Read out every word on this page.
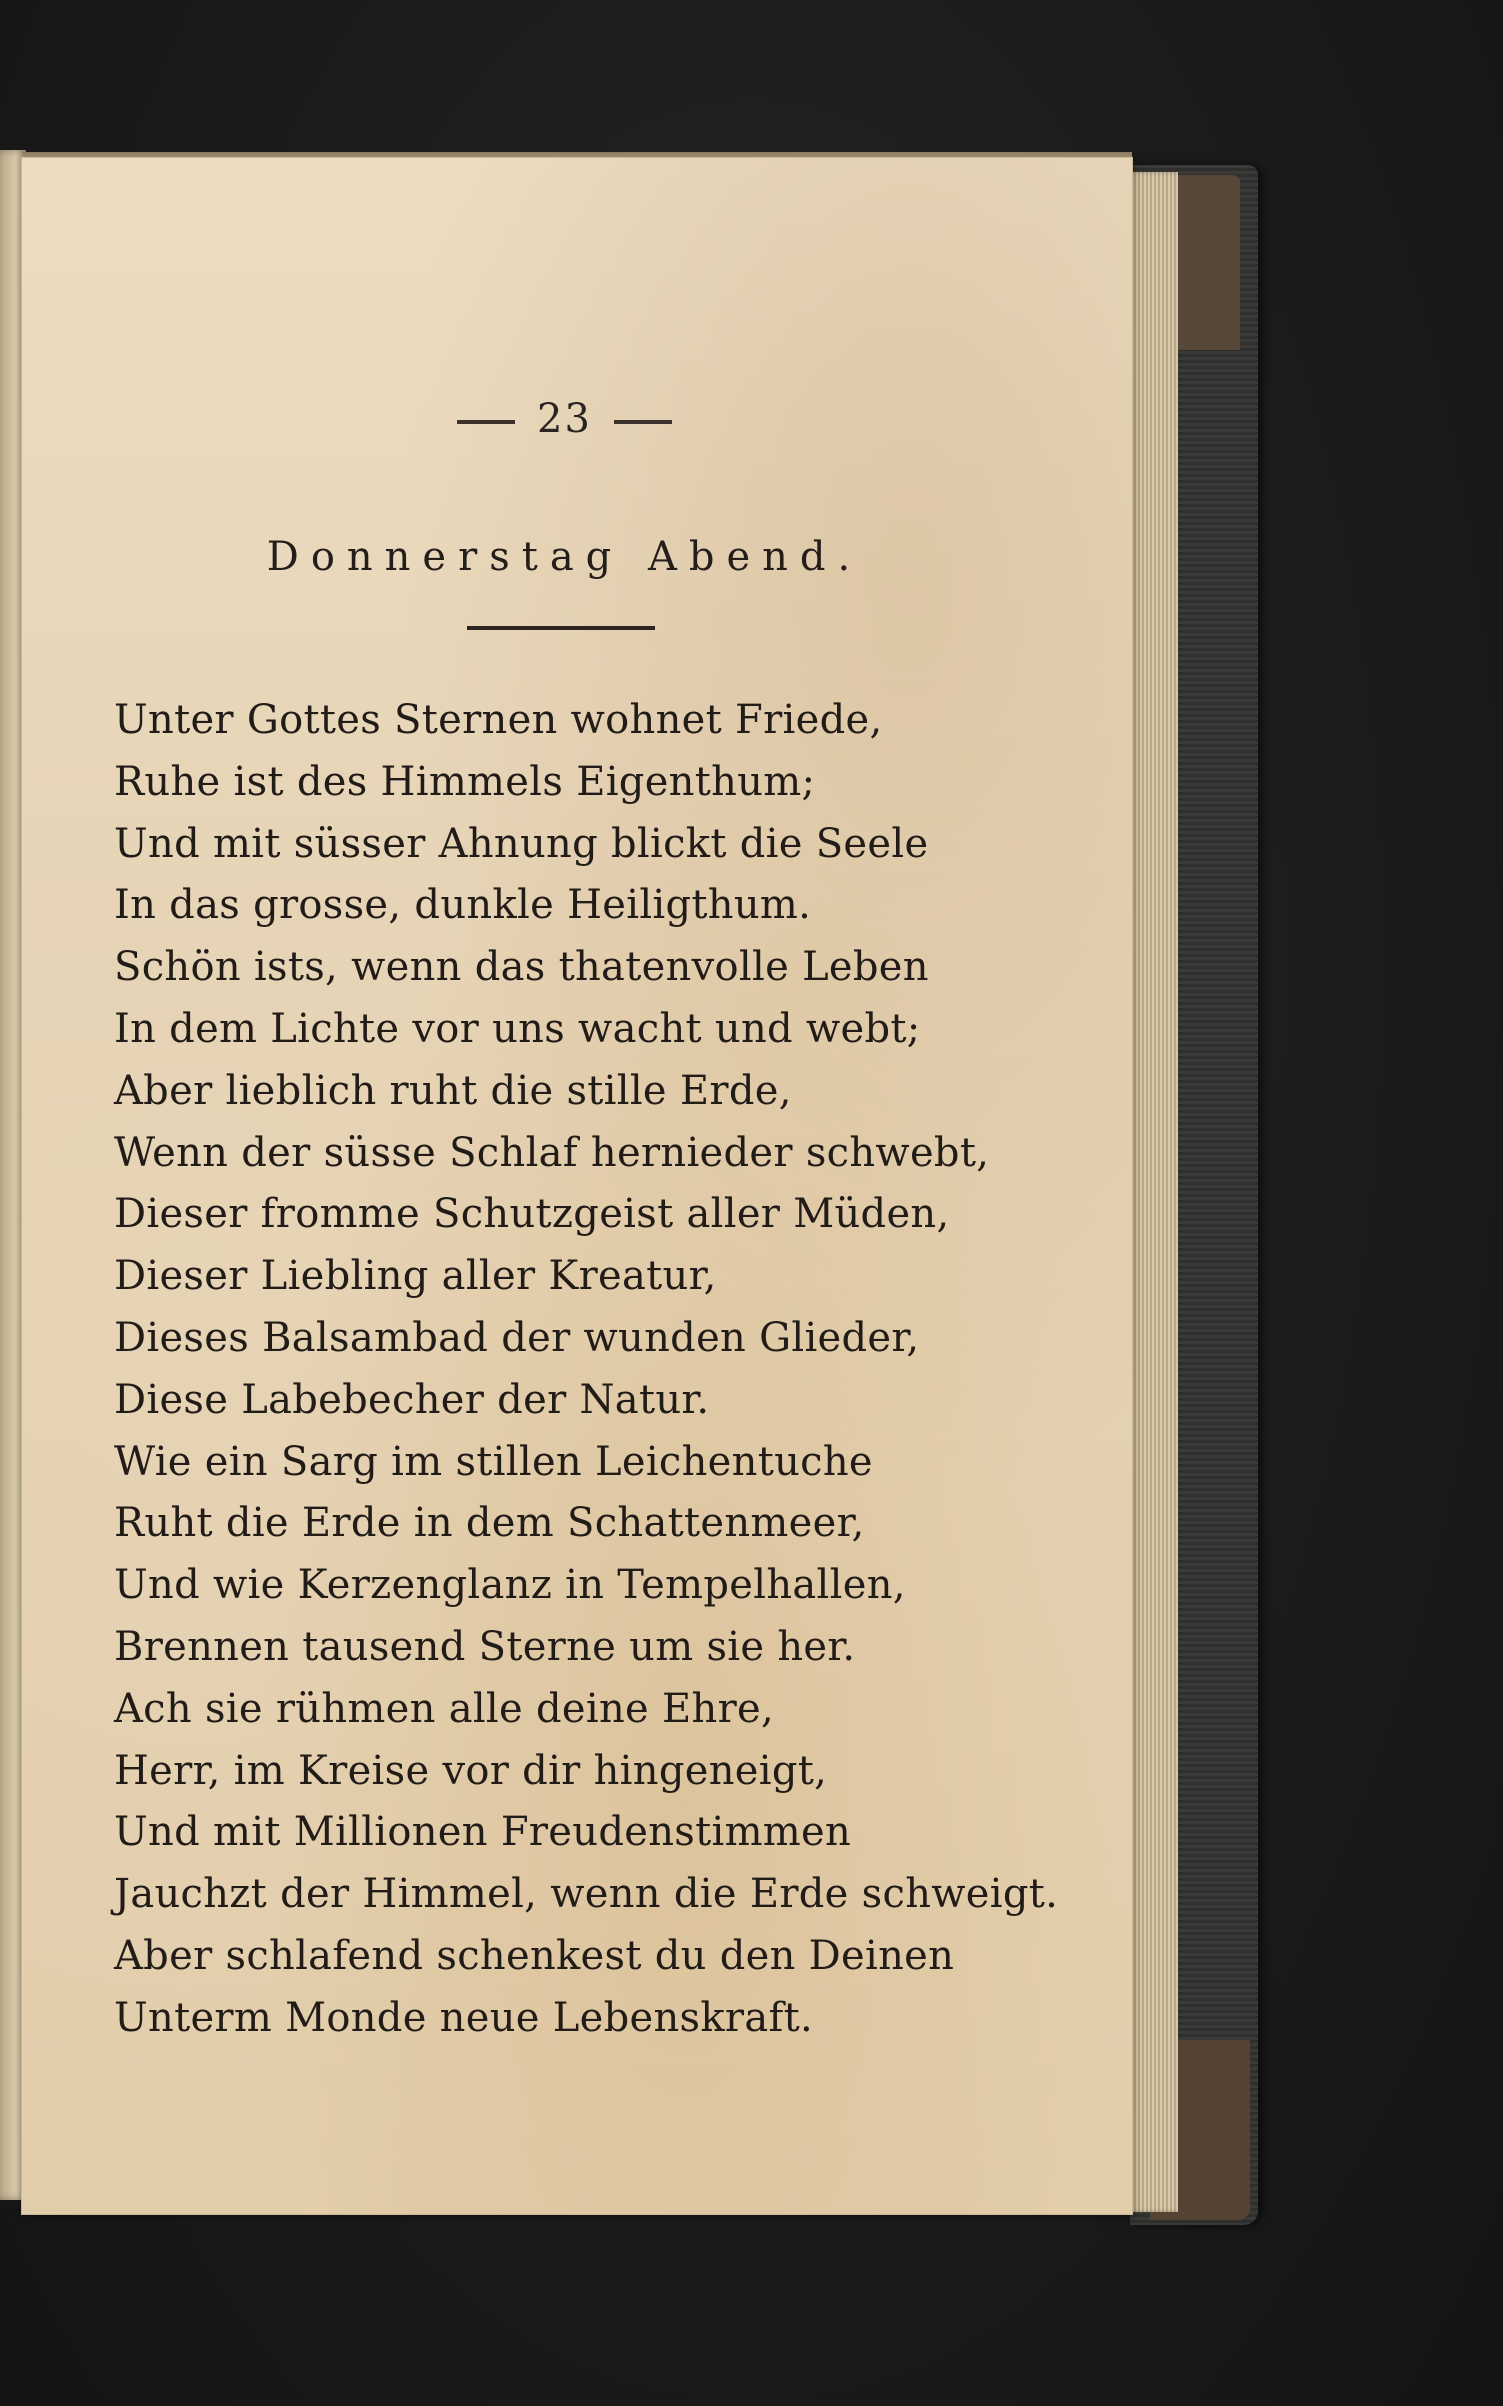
23
Donnerstag Abend.
Unter Gottes Sternen wohnet Friede,
Ruhe ist des Himmels Eigenthum;
Und mit süsser Ahnung blickt die Seele
In das grosse, dunkle Heiligthum.
Schön ists, wenn das thatenvolle Leben
In dem Lichte vor uns wacht und webt;
Aber lieblich ruht die stille Erde,
Wenn der süsse Schlaf hernieder schwebt,
Dieser fromme Schutzgeist aller Müden,
Dieser Liebling aller Kreatur,
Dieses Balsambad der wunden Glieder,
Diese Labebecher der Natur.
Wie ein Sarg im stillen Leichentuche
Ruht die Erde in dem Schattenmeer,
Und wie Kerzenglanz in Tempelhallen,
Brennen tausend Sterne um sie her.
Ach sie rühmen alle deine Ehre,
Herr, im Kreise vor dir hingeneigt,
Und mit Millionen Freudenstimmen
Jauchzt der Himmel, wenn die Erde schweigt.
Aber schlafend schenkest du den Deinen
Unterm Monde neue Lebenskraft.
